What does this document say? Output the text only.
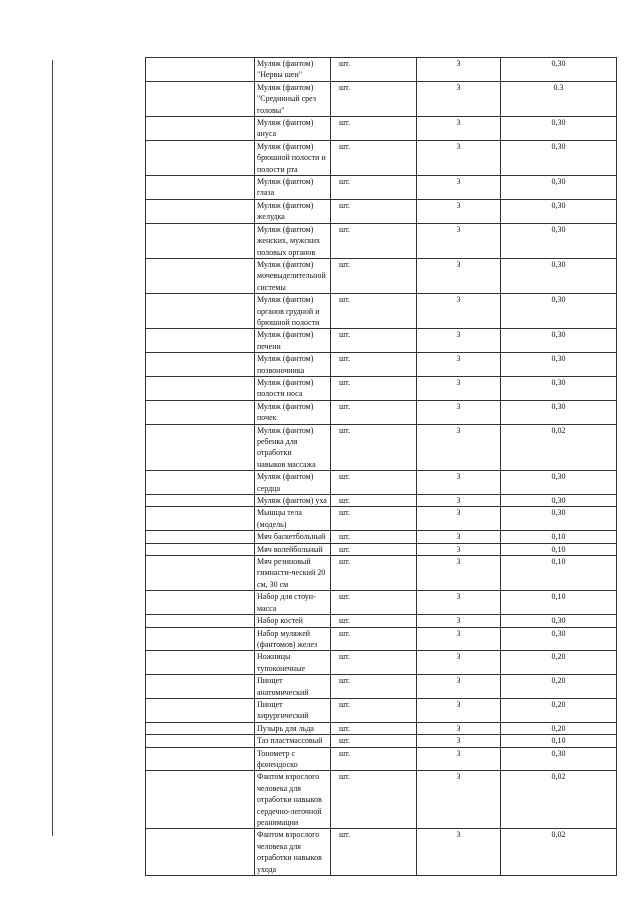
	Муляж (фантом)
"Нервы шеи"	шт.	3	0,30
	Муляж (фантом)
"Срединный срез
головы"	шт.	3	0.3
	Муляж (фантом) ануса	шт.	3	0,30
	Муляж (фантом)
брюшной полости и
полости рта	шт.	3	0,30
	Муляж (фантом) глаза	шт.	3	0,30
	Муляж (фантом)
желудка	шт.	3	0,30
	Муляж (фантом)
женских, мужских
половых органов	шт.	3	0,30
	Муляж (фантом)
мочевыделительной
системы	шт.	3	0,30
	Муляж (фантом)
органов грудной и
брюшной полости	шт.	3	0,30
	Муляж (фантом)
печени	шт.	3	0,30
	Муляж (фантом)
позвоночника	шт.	3	0,30
	Муляж (фантом)
полости носа	шт.	3	0,30
	Муляж (фантом)
почек	шт.	3	0,30
	Муляж (фантом)
ребенка для отработки
навыков массажа	шт.	3	0,02
	Муляж (фантом)
сердца	шт.	3	0,30
	Муляж (фантом) уха	шт.	3	0,30
	Мышцы тела (модель)	шт.	3	0,30
	Мяч баскетбольный	шт.	3	0,10
	Мяч волейбольный	шт.	3	0,10
	Мяч резиновый
гимнасти-ческий 20
см, 30 см	шт.	3	0,10
	Набор для стоун-масса	шт.	3	0,10
	Набор костей	шт.	3	0,30
	Набор муляжей
(фантомов) желез	шт.	3	0,30
	Ножницы
тупоконечные	шт.	3	0,20
	Пинцет
анатомический	шт.	3	0,20
	Пинцет
хирургический	шт.	3	0,20
	Пузырь для льда	шт.	3	0,20
	Таз пластмассовый	шт.	3	0,10
	Тонометр с фонендоско	шт.	3	0,30
	Фантом взрослого
человека для
отработки навыков
сердечно-легочной
реанимации	шт.	3	0,02
	Фантом взрослого
человека для
отработки навыков
ухода	шт.	3	0,02
